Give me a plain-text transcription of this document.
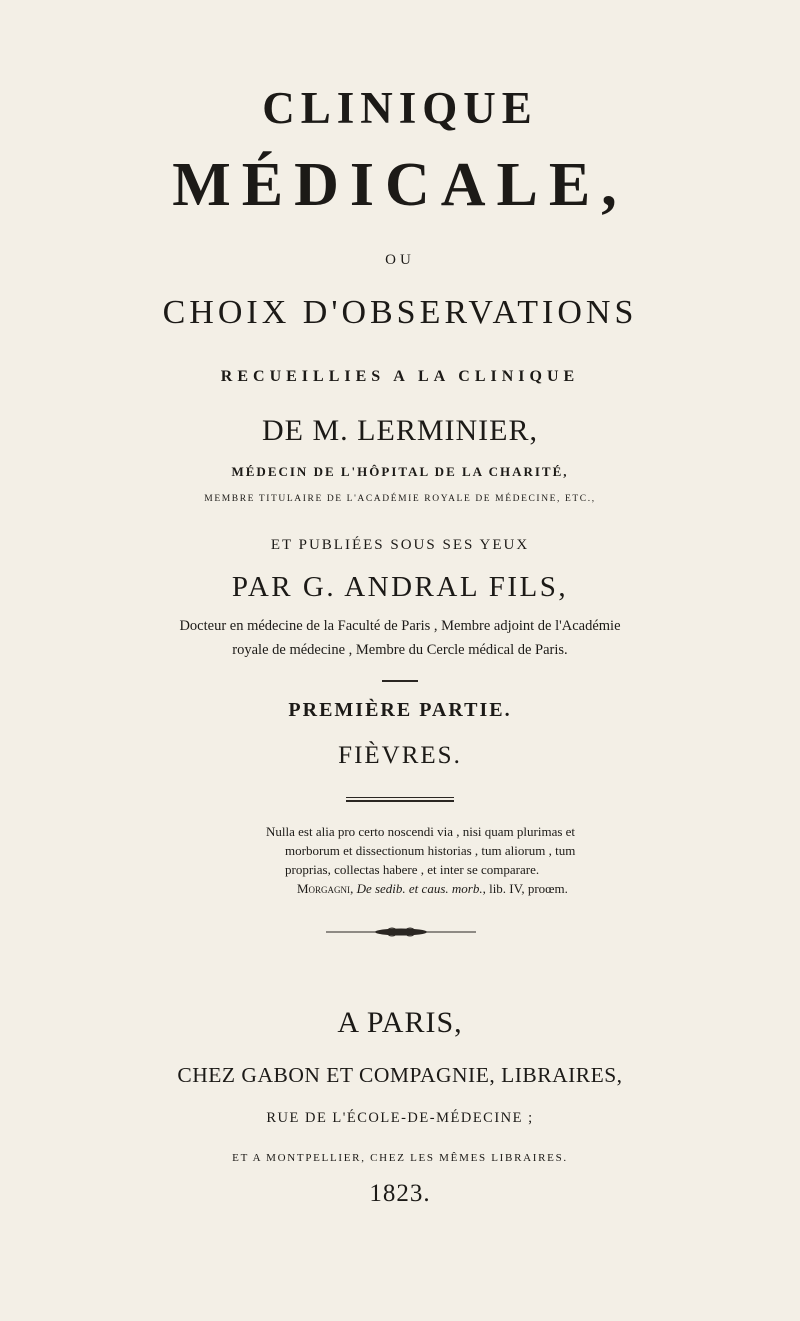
CLINIQUE
MÉDICALE,
OU
CHOIX D'OBSERVATIONS
RECUEILLIES A LA CLINIQUE
DE M. LERMINIER,
MÉDECIN DE L'HÔPITAL DE LA CHARITÉ,
MEMBRE TITULAIRE DE L'ACADÉMIE ROYALE DE MÉDECINE, ETC.,
ET PUBLIÉES SOUS SES YEUX
PAR G. ANDRAL FILS,
Docteur en médecine de la Faculté de Paris , Membre adjoint de l'Académie
royale de médecine , Membre du Cercle médical de Paris.
PREMIÈRE PARTIE.
FIÈVRES.
Nulla est alia pro certo noscendi via , nisi quam plurimas et
morborum et dissectionum historias , tum aliorum , tum
proprias, collectas habere , et inter se comparare.
Morgagni, De sedib. et caus. morb., lib. IV, proœm.
A PARIS,
CHEZ GABON ET COMPAGNIE, LIBRAIRES,
RUE DE L'ÉCOLE-DE-MÉDECINE ;
ET A MONTPELLIER, CHEZ LES MÊMES LIBRAIRES.
1823.
